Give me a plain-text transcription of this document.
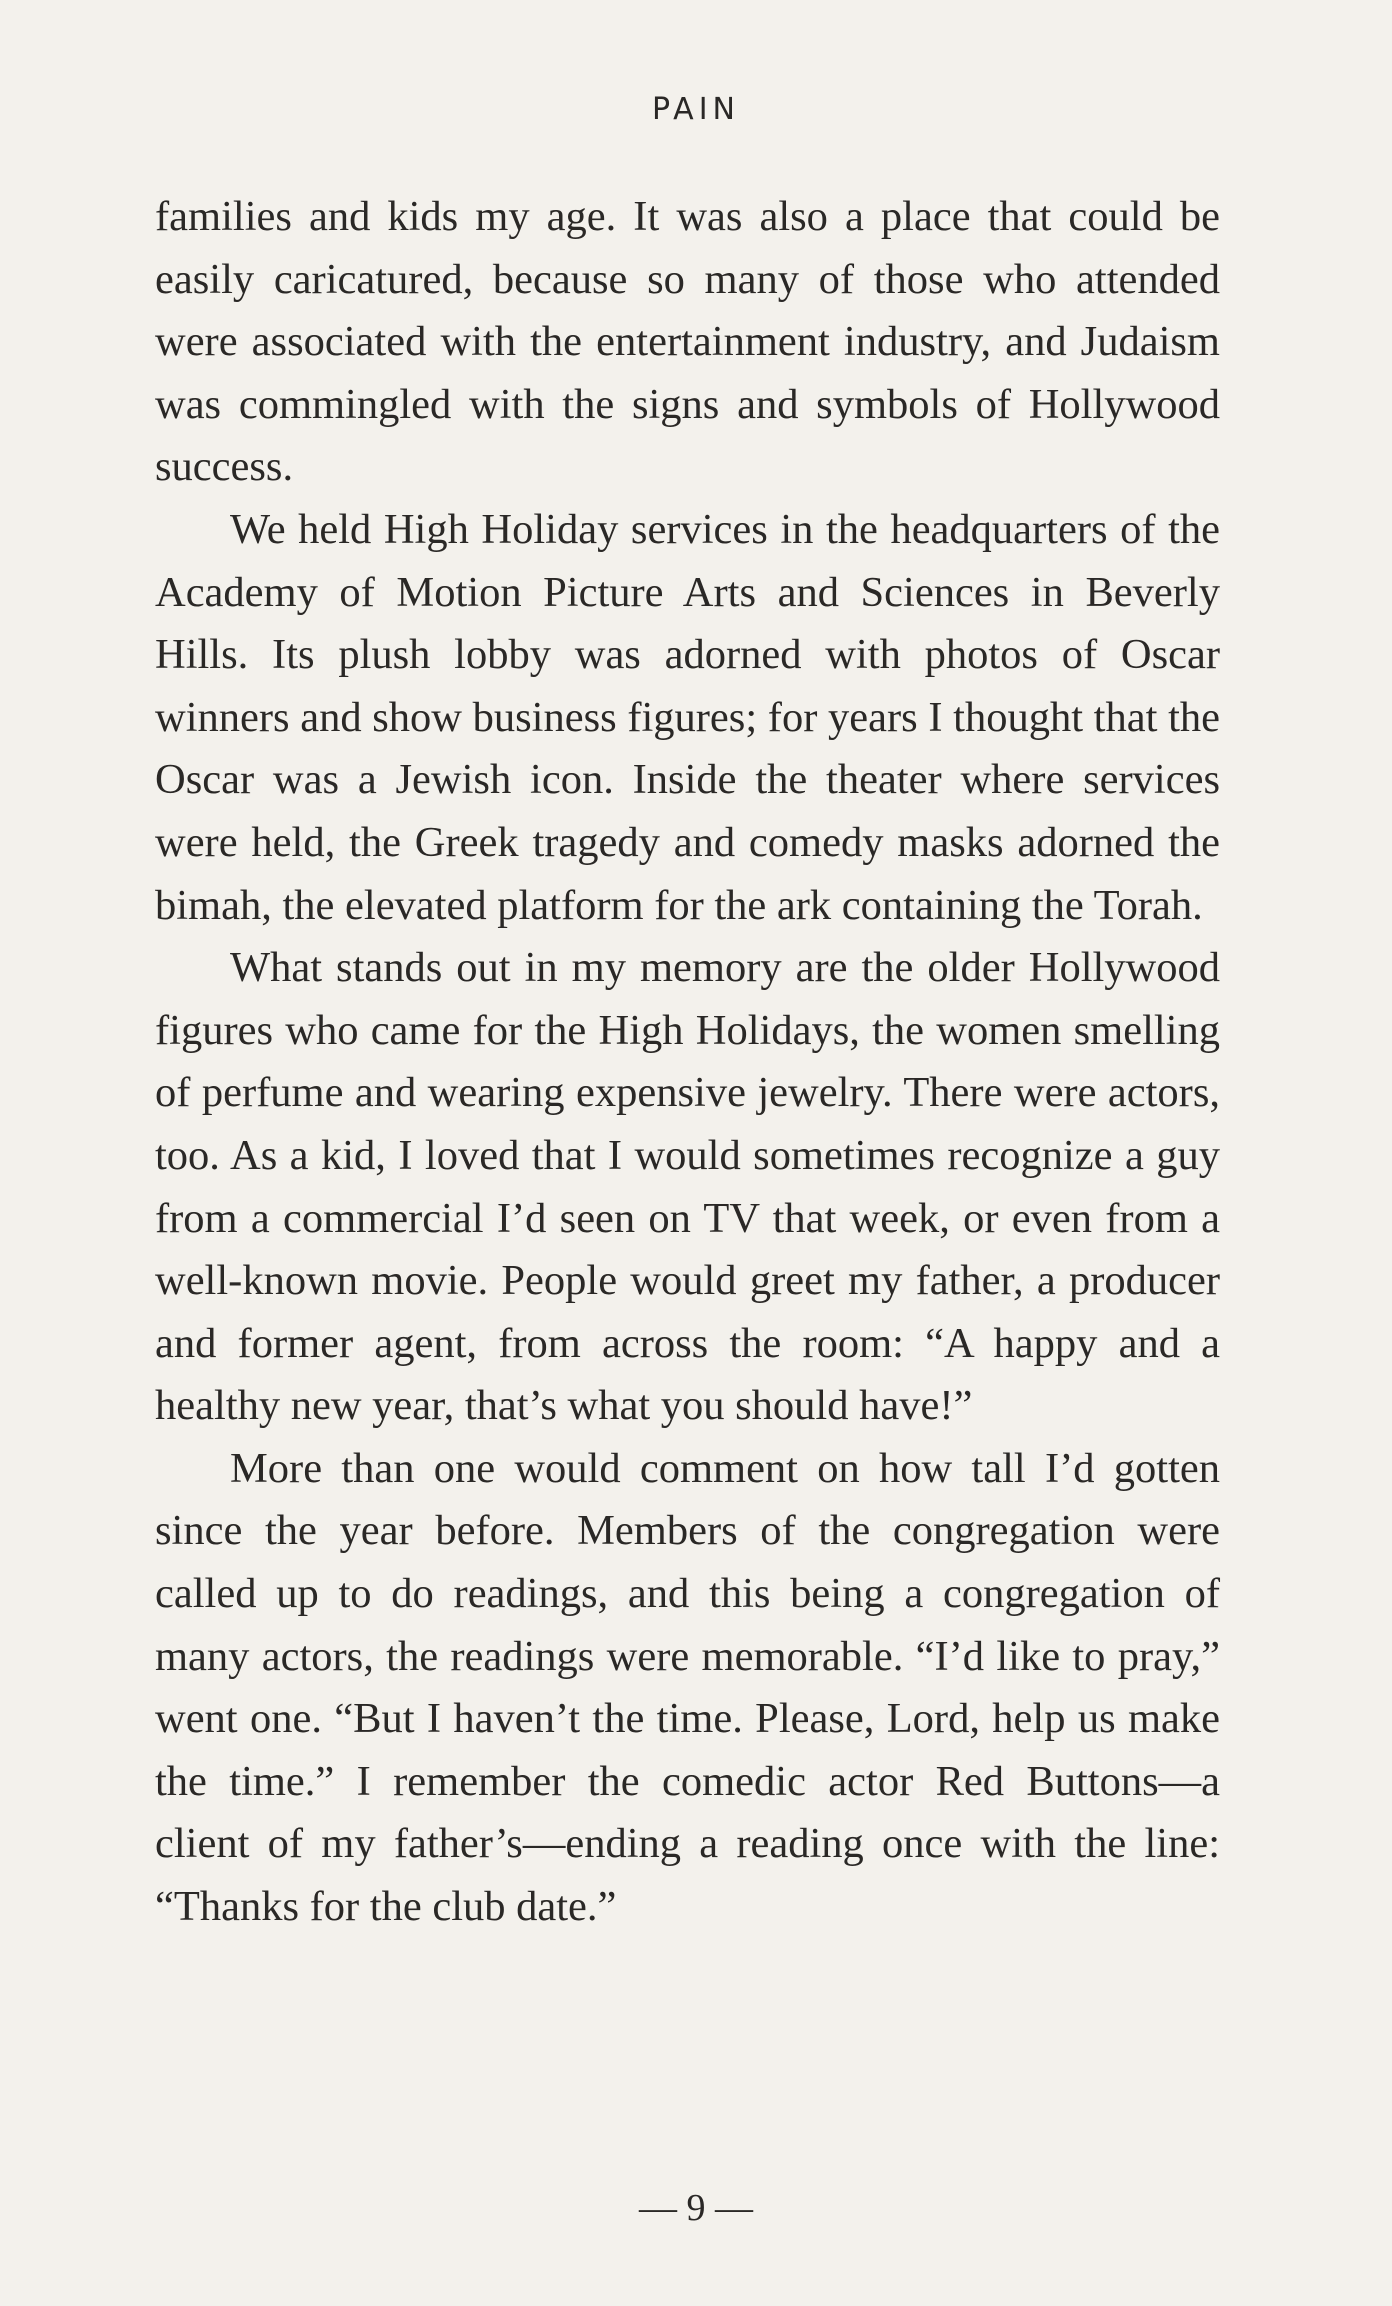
PAIN

families and kids my age. It was also a place that could be easily caricatured, because so many of those who attended were associated with the entertainment industry, and Judaism was commingled with the signs and symbols of Hollywood success.

We held High Holiday services in the headquarters of the Academy of Motion Picture Arts and Sciences in Beverly Hills. Its plush lobby was adorned with photos of Oscar winners and show business figures; for years I thought that the Oscar was a Jewish icon. Inside the theater where services were held, the Greek tragedy and comedy masks adorned the bimah, the elevated platform for the ark containing the Torah.

What stands out in my memory are the older Hollywood figures who came for the High Holidays, the women smelling of perfume and wearing expensive jewelry. There were actors, too. As a kid, I loved that I would sometimes recognize a guy from a commercial I’d seen on TV that week, or even from a well-known movie. People would greet my father, a producer and former agent, from across the room: “A happy and a healthy new year, that’s what you should have!”

More than one would comment on how tall I’d gotten since the year before. Members of the congregation were called up to do readings, and this being a congregation of many actors, the readings were memorable. “I’d like to pray,” went one. “But I haven’t the time. Please, Lord, help us make the time.” I remember the comedic actor Red Buttons—a client of my father’s—ending a reading once with the line: “Thanks for the club date.”

— 9 —
